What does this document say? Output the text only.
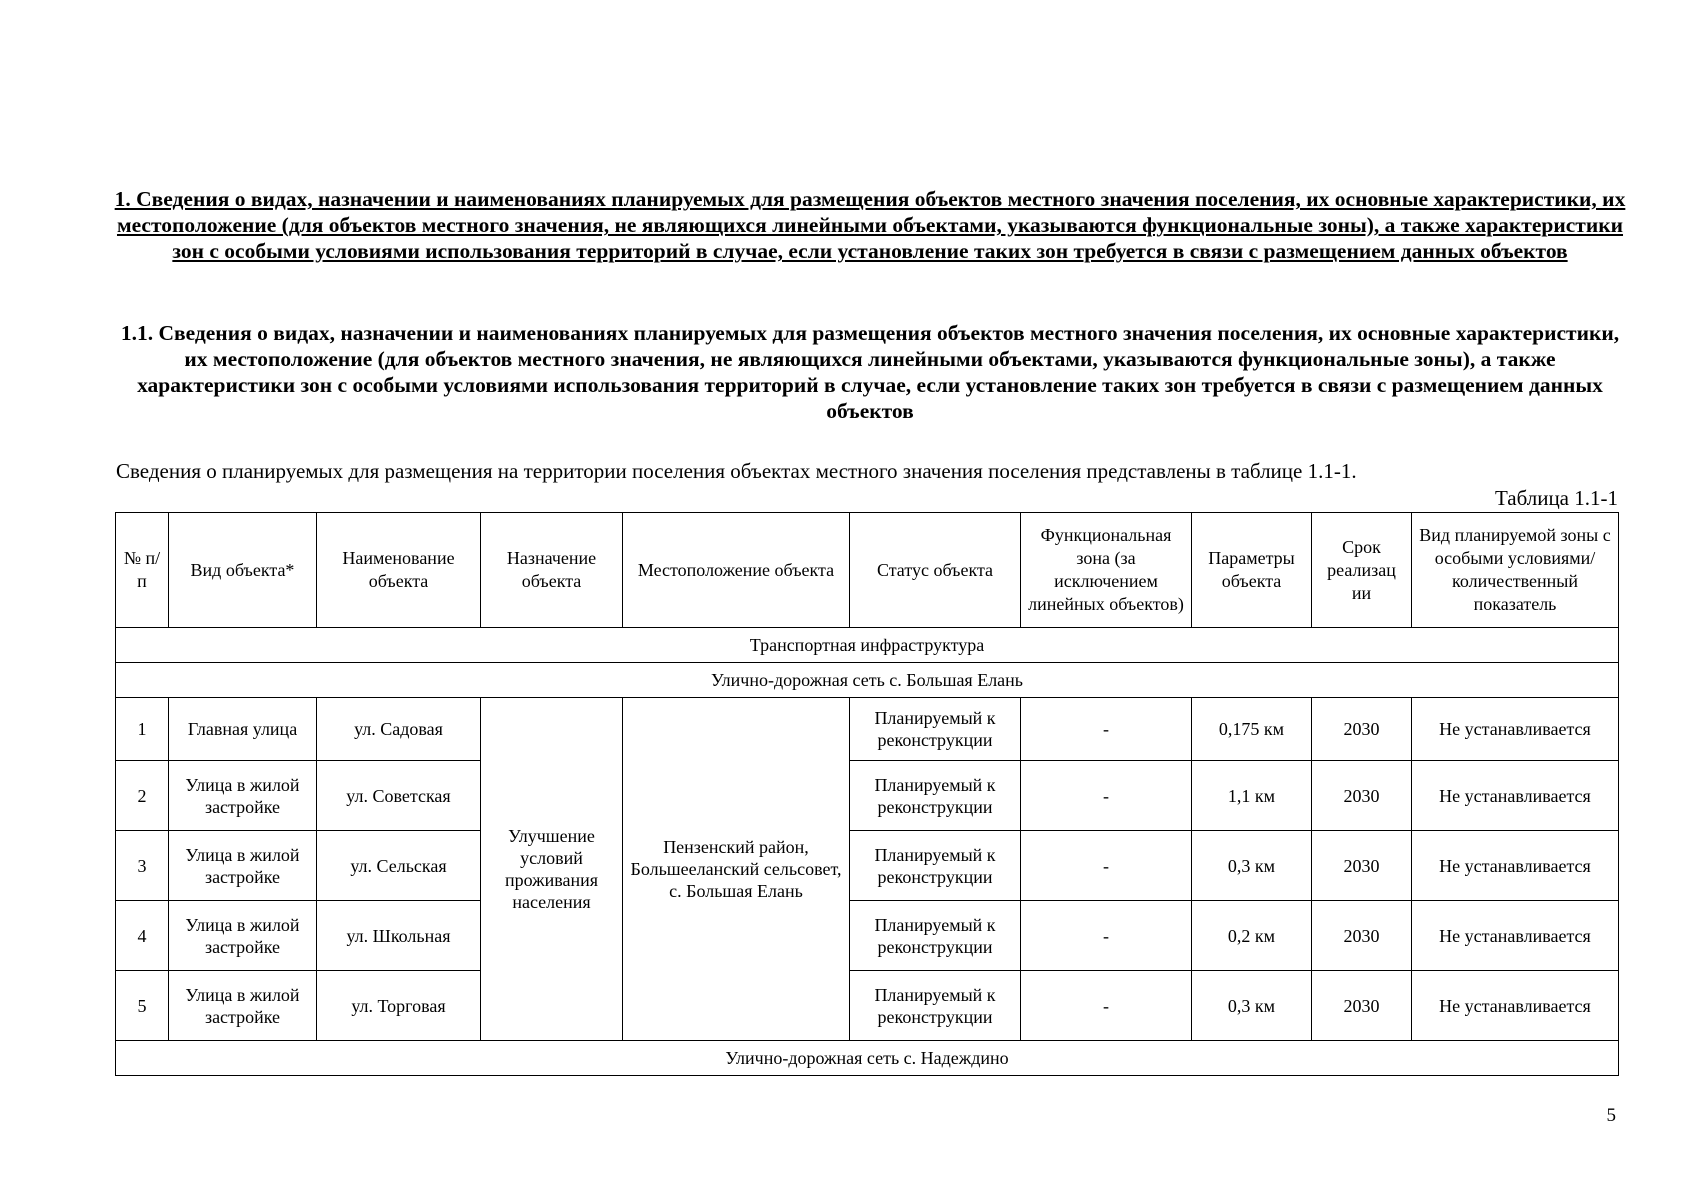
1. Сведения о видах, назначении и наименованиях планируемых для размещения объектов местного значения поселения, их основные характеристики, их местоположение (для объектов местного значения, не являющихся линейными объектами, указываются функциональные зоны), а также характеристики зон с особыми условиями использования территорий в случае, если установление таких зон требуется в связи с размещением данных объектов
1.1. Сведения о видах, назначении и наименованиях планируемых для размещения объектов местного значения поселения, их основные характеристики, их местоположение (для объектов местного значения, не являющихся линейными объектами, указываются функциональные зоны), а также характеристики зон с особыми условиями использования территорий в случае, если установление таких зон требуется в связи с размещением данных объектов
Сведения о планируемых для размещения на территории поселения объектах местного значения поселения представлены в таблице 1.1-1.
Таблица 1.1-1
№ п/п	Вид объекта*	Наименование объекта	Назначение объекта	Местоположение объекта	Статус объекта	Функциональная зона (за исключением линейных объектов)	Параметры объекта	Срок реализац ии	Вид планируемой зоны с особыми условиями/ количественный показатель
Транспортная инфраструктура									
Улично-дорожная сеть с. Большая Елань									
1	Главная улица	ул. Садовая	Улучшение условий проживания населения	Пензенский район, Большееланский сельсовет, с. Большая Елань	Планируемый к реконструкции	-	0,175 км	2030	Не устанавливается
2	Улица в жилой застройке	ул. Советская			Планируемый к реконструкции	-	1,1 км	2030	Не устанавливается
3	Улица в жилой застройке	ул. Сельская			Планируемый к реконструкции	-	0,3 км	2030	Не устанавливается
4	Улица в жилой застройке	ул. Школьная			Планируемый к реконструкции	-	0,2 км	2030	Не устанавливается
5	Улица в жилой застройке	ул. Торговая			Планируемый к реконструкции	-	0,3 км	2030	Не устанавливается
Улично-дорожная сеть с. Надеждино									
5
